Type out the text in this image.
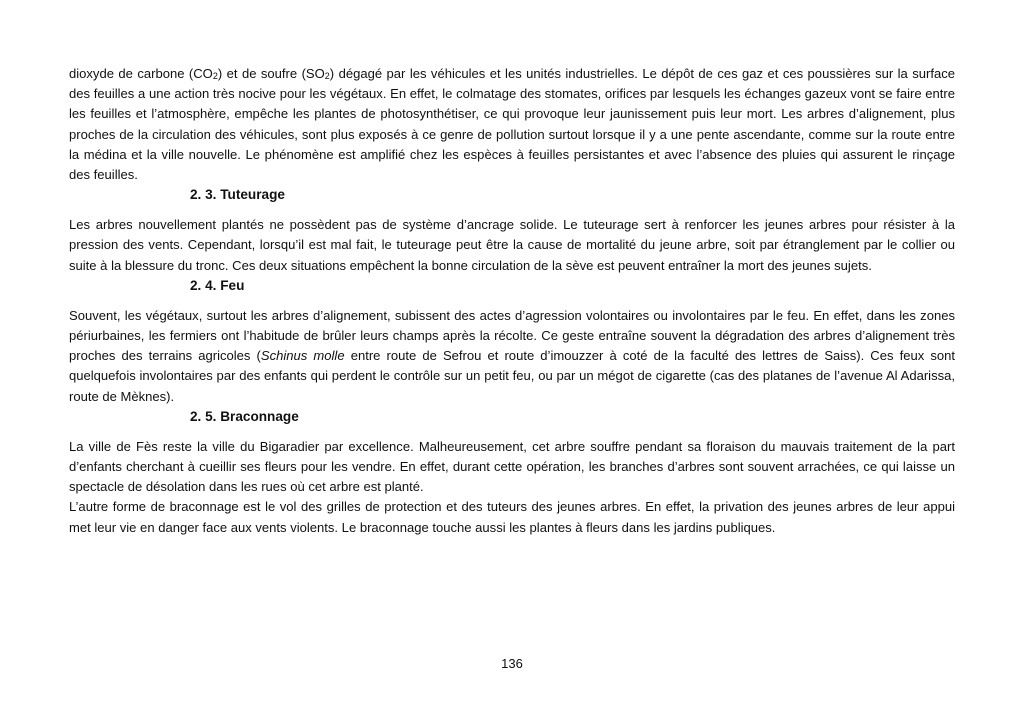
dioxyde de carbone $(CO_2)$ et de soufre $(SO_2)$ dégagé par les véhicules et les unités industrielles. Le dépôt de ces gaz et ces poussières sur la surface des feuilles a une action très nocive pour les végétaux. En effet, le colmatage des stomates, orifices par lesquels les échanges gazeux vont se faire entre les feuilles et l’atmosphère, empêche les plantes de photosynthétiser, ce qui provoque leur jaunissement puis leur mort. Les arbres d’alignement, plus proches de la circulation des véhicules, sont plus exposés à ce genre de pollution surtout lorsque il y a une pente ascendante, comme sur la route entre la médina et la ville nouvelle. Le phénomène est amplifié chez les espèces à feuilles persistantes et avec l’absence des pluies qui assurent le rinçage des feuilles.

2. 3. Tuteurage

Les arbres nouvellement plantés ne possèdent pas de système d’ancrage solide. Le tuteurage sert à renforcer les jeunes arbres pour résister à la pression des vents. Cependant, lorsqu’il est mal fait, le tuteurage peut être la cause de mortalité du jeune arbre, soit par étranglement par le collier ou suite à la blessure du tronc. Ces deux situations empêchent la bonne circulation de la sève est peuvent entraîner la mort des jeunes sujets.

2. 4. Feu

Souvent, les végétaux, surtout les arbres d’alignement, subissent des actes d’agression volontaires ou involontaires par le feu. En effet, dans les zones périurbaines, les fermiers ont l’habitude de brûler leurs champs après la récolte. Ce geste entraîne souvent la dégradation des arbres d’alignement très proches des terrains agricoles (Schinus molle entre route de Sefrou et route d’imouzzer à coté de la faculté des lettres de Saiss). Ces feux sont quelquefois involontaires par des enfants qui perdent le contrôle sur un petit feu, ou par un mégot de cigarette (cas des platanes de l’avenue Al Adarissa, route de Mèknes).

2. 5. Braconnage

La ville de Fès reste la ville du Bigaradier par excellence. Malheureusement, cet arbre souffre pendant sa floraison du mauvais traitement de la part d’enfants cherchant à cueillir ses fleurs pour les vendre. En effet, durant cette opération, les branches d’arbres sont souvent arrachées, ce qui laisse un spectacle de désolation dans les rues où cet arbre est planté.

L’autre forme de braconnage est le vol des grilles de protection et des tuteurs des jeunes arbres. En effet, la privation des jeunes arbres de leur appui met leur vie en danger face aux vents violents. Le braconnage touche aussi les plantes à fleurs dans les jardins publiques.

136
